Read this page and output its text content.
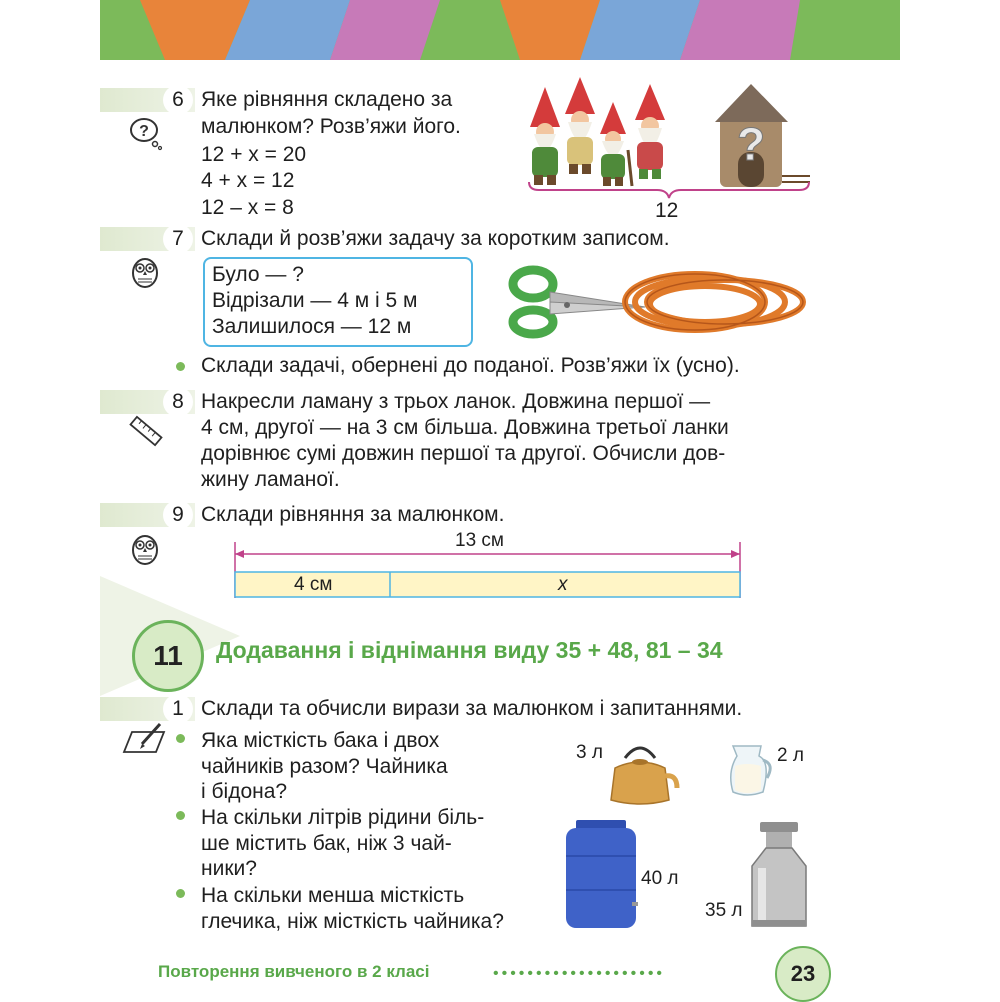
6
?
Яке рівняння складено за
малюнком? Розв’яжи його.
12 + x = 20
4 + x = 12
12 – x = 8
?
12
7 Склади й розв’яжи задачу за коротким записом.
Було — ?
Відрізали — 4 м і 5 м
Залишилося — 12 м
Склади задачі, обернені до поданої. Розв’яжи їх (усно).
8 Накресли ламану з трьох ланок. Довжина першої —
4 см, другої — на 3 см більша. Довжина третьої ланки
дорівнює сумі довжин першої та другої. Обчисли дов-
жину ламаної.
9 Склади рівняння за малюнком.
13 см
4 см	x
11	Додавання і віднімання виду 35 + 48, 81 – 34
1 Склади та обчисли вирази за малюнком і запитаннями.
Яка місткість бака і двох
чайників разом? Чайника
і бідона?
На скільки літрів рідини біль-
ше містить бак, ніж 3 чай-
ники?
На скільки менша місткість
глечика, ніж місткість чайника?
3 л	2 л
40 л
35 л
Повторення вивченого в 2 класі	••••••••••••••••••••	23
